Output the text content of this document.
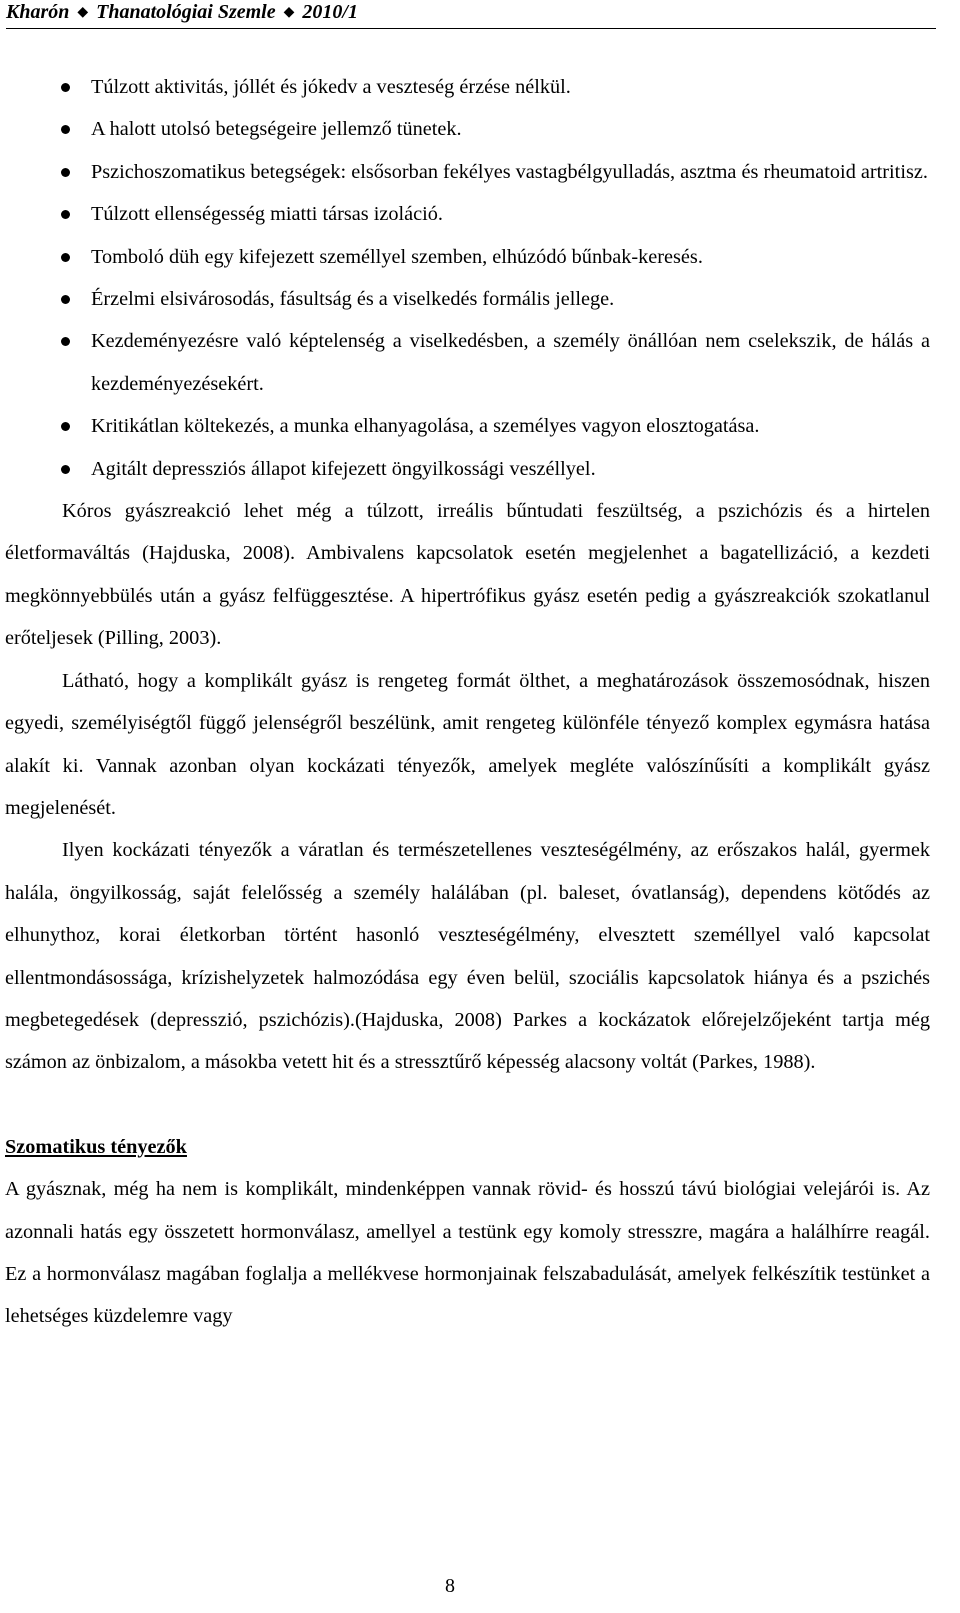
Kharón ◆ Thanatológiai Szemle ◆ 2010/1
Túlzott aktivitás, jóllét és jókedv a veszteség érzése nélkül.
A halott utolsó betegségeire jellemző tünetek.
Pszichoszomatikus betegségek: elsősorban fekélyes vastagbélgyulladás, asztma és rheumatoid artritisz.
Túlzott ellenségesség miatti társas izoláció.
Tomboló düh egy kifejezett személlyel szemben, elhúzódó bűnbak-keresés.
Érzelmi elsivárosodás, fásultság és a viselkedés formális jellege.
Kezdeményezésre való képtelenség a viselkedésben, a személy önállóan nem cselekszik, de hálás a kezdeményezésekért.
Kritikátlan költekezés, a munka elhanyagolása, a személyes vagyon elosztogatása.
Agitált depressziós állapot kifejezett öngyilkossági veszéllyel.

Kóros gyászreakció lehet még a túlzott, irreális bűntudati feszültség, a pszichózis és a hirtelen életformaváltás (Hajduska, 2008). Ambivalens kapcsolatok esetén megjelenhet a bagatellizáció, a kezdeti megkönnyebbülés után a gyász felfüggesztése. A hipertrófikus gyász esetén pedig a gyászreakciók szokatlanul erőteljesek (Pilling, 2003).

Látható, hogy a komplikált gyász is rengeteg formát ölthet, a meghatározások összemosódnak, hiszen egyedi, személyiségtől függő jelenségről beszélünk, amit rengeteg különféle tényező komplex egymásra hatása alakít ki. Vannak azonban olyan kockázati tényezők, amelyek megléte valószínűsíti a komplikált gyász megjelenését.

Ilyen kockázati tényezők a váratlan és természetellenes veszteségélmény, az erőszakos halál, gyermek halála, öngyilkosság, saját felelősség a személy halálában (pl. baleset, óvatlanság), dependens kötődés az elhunythoz, korai életkorban történt hasonló veszteségélmény, elvesztett személlyel való kapcsolat ellentmondásossága, krízishelyzetek halmozódása egy éven belül, szociális kapcsolatok hiánya és a pszichés megbetegedések (depresszió, pszichózis).(Hajduska, 2008) Parkes a kockázatok előrejelzőjeként tartja még számon az önbizalom, a másokba vetett hit és a stressztűrő képesség alacsony voltát (Parkes, 1988).

Szomatikus tényezők

A gyásznak, még ha nem is komplikált, mindenképpen vannak rövid- és hosszú távú biológiai velejárói is. Az azonnali hatás egy összetett hormonválasz, amellyel a testünk egy komoly stresszre, magára a halálhírre reagál. Ez a hormonválasz magában foglalja a mellékvese hormonjainak felszabadulását, amelyek felkészítik testünket a lehetséges küzdelemre vagy

8
